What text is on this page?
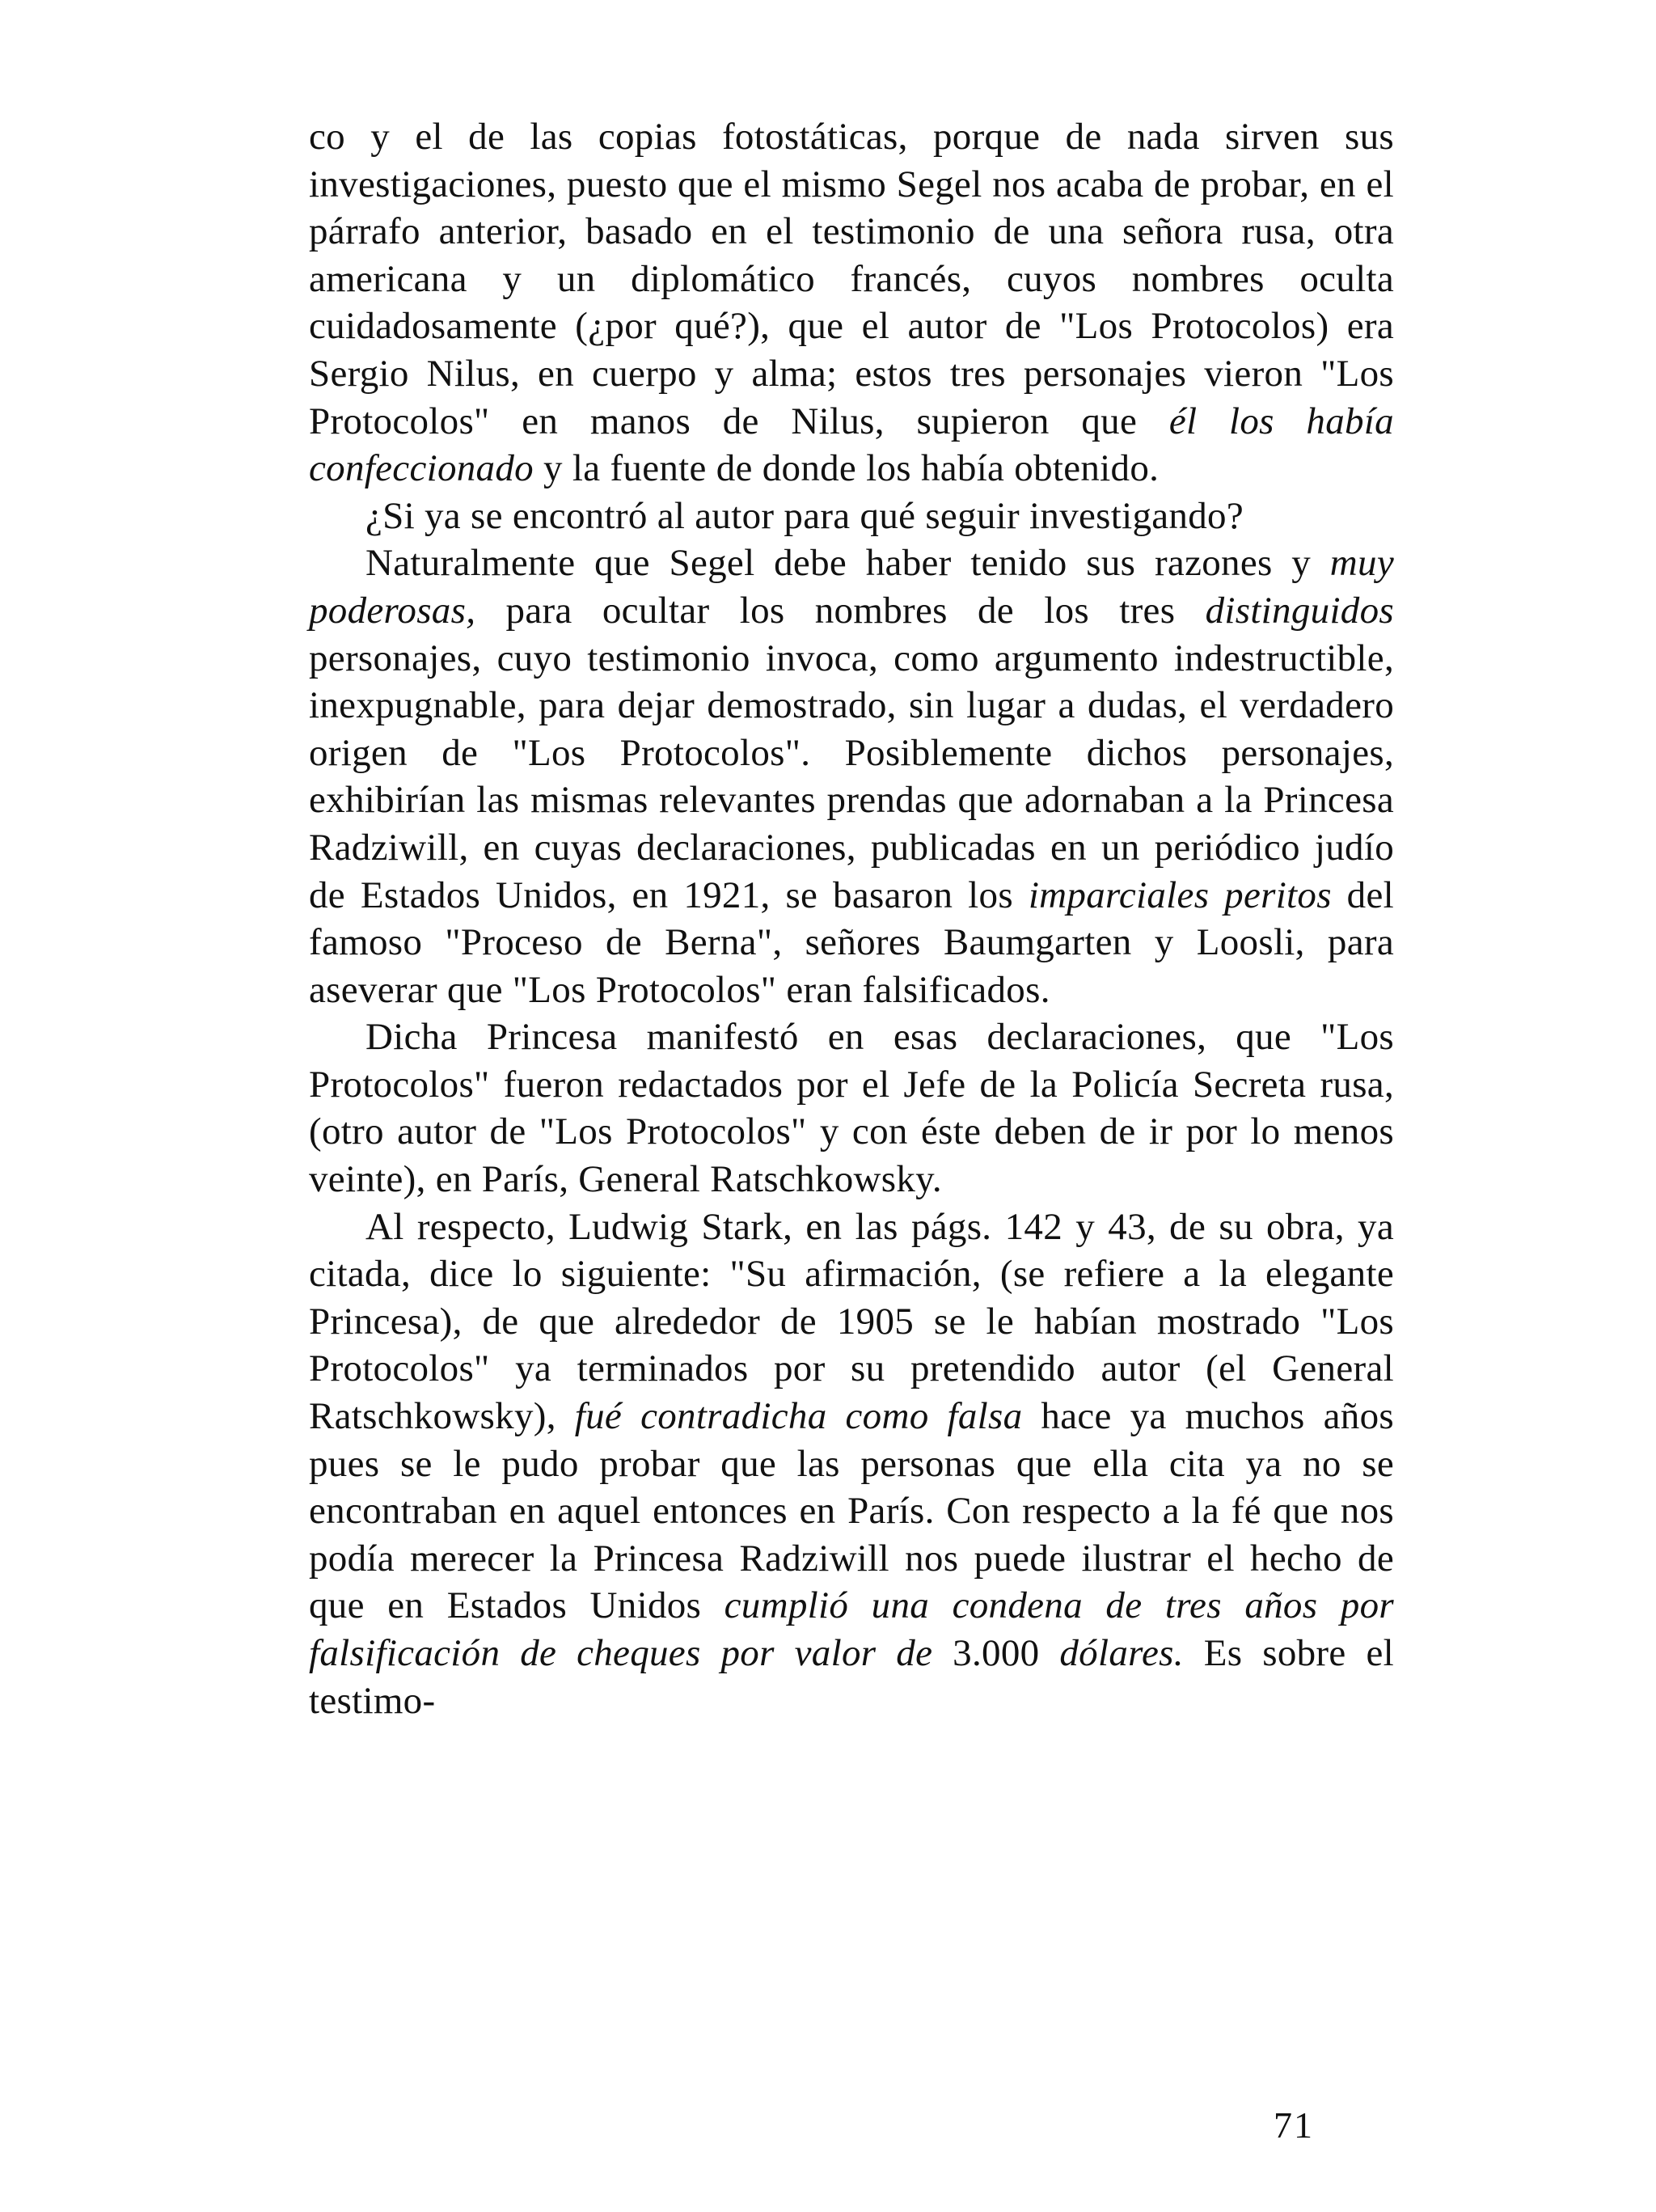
co y el de las copias fotostáticas, porque de nada sirven sus investigaciones, puesto que el mismo Segel nos acaba de probar, en el párrafo anterior, basado en el testimonio de una señora rusa, otra americana y un diplomático francés, cuyos nombres oculta cuidadosamente (¿por qué?), que el autor de "Los Protocolos) era Sergio Nilus, en cuerpo y alma; estos tres personajes vieron "Los Protocolos" en manos de Nilus, supieron que él los había confeccionado y la fuente de donde los había obtenido.

¿Si ya se encontró al autor para qué seguir investigando?

Naturalmente que Segel debe haber tenido sus razones y muy poderosas, para ocultar los nombres de los tres distinguidos personajes, cuyo testimonio invoca, como argumento indestructible, inexpugnable, para dejar demostrado, sin lugar a dudas, el verdadero origen de "Los Protocolos". Posiblemente dichos personajes, exhibirían las mismas relevantes prendas que adornaban a la Princesa Radziwill, en cuyas declaraciones, publicadas en un periódico judío de Estados Unidos, en 1921, se basaron los imparciales peritos del famoso "Proceso de Berna", señores Baumgarten y Loosli, para aseverar que "Los Protocolos" eran falsificados.

Dicha Princesa manifestó en esas declaraciones, que "Los Protocolos" fueron redactados por el Jefe de la Policía Secreta rusa, (otro autor de "Los Protocolos" y con éste deben de ir por lo menos veinte), en París, General Ratschkowsky.

Al respecto, Ludwig Stark, en las págs. 142 y 43, de su obra, ya citada, dice lo siguiente: "Su afirmación, (se refiere a la elegante Princesa), de que alrededor de 1905 se le habían mostrado "Los Protocolos" ya terminados por su pretendido autor (el General Ratschkowsky), fué contradicha como falsa hace ya muchos años pues se le pudo probar que las personas que ella cita ya no se encontraban en aquel entonces en París. Con respecto a la fé que nos podía merecer la Princesa Radziwill nos puede ilustrar el hecho de que en Estados Unidos cumplió una condena de tres años por falsificación de cheques por valor de 3.000 dólares. Es sobre el testimo-

71
